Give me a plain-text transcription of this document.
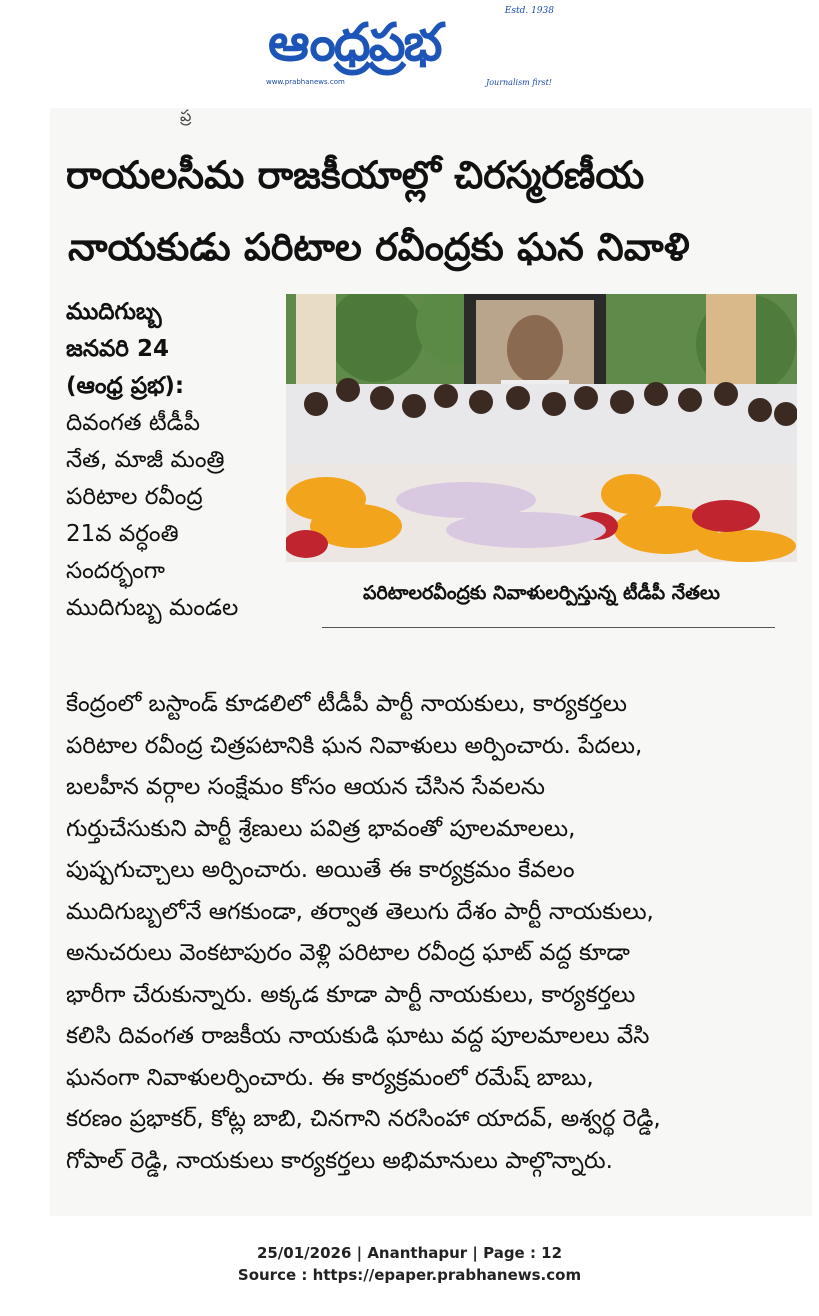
ఆంధ్రప్రభ
Estd. 1938
www.prabhanews.com	Journalism first!
ప్ర
రాయలసీమ రాజకీయాల్లో చిరస్మరణీయ
నాయకుడు పరిటాల రవీంద్రకు ఘన నివాళి
ముదిగుబ్బ
జనవరి 24
(ఆంధ్ర ప్రభ):
దివంగత టీడీపీ
నేత, మాజీ మంత్రి
పరిటాల రవీంద్ర
21వ వర్ధంతి
సందర్భంగా
ముదిగుబ్బ మండల
పరిటాలరవీంద్రకు నివాళులర్పిస్తున్న టీడీపీ నేతలు
కేంద్రంలో బస్టాండ్ కూడలిలో టీడీపీ పార్టీ నాయకులు, కార్యకర్తలు
పరిటాల రవీంద్ర చిత్రపటానికి ఘన నివాళులు అర్పించారు. పేదలు,
బలహీన వర్గాల సంక్షేమం కోసం ఆయన చేసిన సేవలను
గుర్తుచేసుకుని పార్టీ శ్రేణులు పవిత్ర భావంతో పూలమాలలు,
పుష్పగుచ్చాలు అర్పించారు. అయితే ఈ కార్యక్రమం కేవలం
ముదిగుబ్బలోనే ఆగకుండా, తర్వాత తెలుగు దేశం పార్టీ నాయకులు,
అనుచరులు వెంకటాపురం వెళ్లి పరిటాల రవీంద్ర ఘాట్ వద్ద కూడా
భారీగా చేరుకున్నారు. అక్కడ కూడా పార్టీ నాయకులు, కార్యకర్తలు
కలిసి దివంగత రాజకీయ నాయకుడి ఘాటు వద్ద పూలమాలలు వేసి
ఘనంగా నివాళులర్పించారు. ఈ కార్యక్రమంలో రమేష్ బాబు,
కరణం ప్రభాకర్, కోట్ల బాబి, చినగాని నరసింహా యాదవ్, అశ్వర్థ రెడ్డి,
గోపాల్ రెడ్డి, నాయకులు కార్యకర్తలు అభిమానులు పాల్గొన్నారు.
25/01/2026 | Ananthapur | Page : 12
Source : https://epaper.prabhanews.com
